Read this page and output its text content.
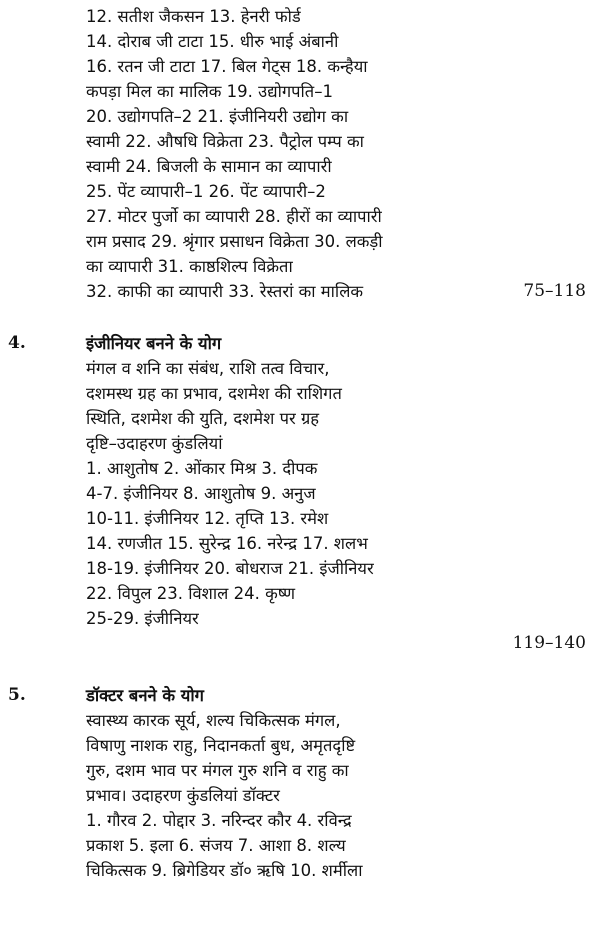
12. सतीश जैकसन 13. हेनरी फोर्ड
14. दोराब जी टाटा 15. धीरु भाई अंबानी
16. रतन जी टाटा 17. बिल गेट्स 18. कन्हैया
कपड़ा मिल का मालिक 19. उद्योगपति–1
20. उद्योगपति–2 21. इंजीनियरी उद्योग का
स्वामी 22. औषधि विक्रेता 23. पैट्रोल पम्प का
स्वामी 24. बिजली के सामान का व्यापारी
25. पेंट व्यापारी–1 26. पेंट व्यापारी–2
27. मोटर पुर्जो का व्यापारी 28. हीरों का व्यापारी
राम प्रसाद 29. श्रृंगार प्रसाधन विक्रेता 30. लकड़ी
का व्यापारी 31. काष्ठशिल्प विक्रेता
32. काफी का व्यापारी 33. रेस्तरां का मालिक	75–118
4.	इंजीनियर बनने के योग
मंगल व शनि का संबंध, राशि तत्व विचार,
दशमस्थ ग्रह का प्रभाव, दशमेश की राशिगत
स्थिति, दशमेश की युति, दशमेश पर ग्रह
दृष्टि–उदाहरण कुंडलियां
1. आशुतोष 2. ओंकार मिश्र 3. दीपक
4-7. इंजीनियर 8. आशुतोष 9. अनुज
10-11. इंजीनियर 12. तृप्ति 13. रमेश
14. रणजीत 15. सुरेन्द्र 16. नरेन्द्र 17. शलभ
18-19. इंजीनियर 20. बोधराज 21. इंजीनियर
22. विपुल 23. विशाल 24. कृष्ण
25-29. इंजीनियर
119–140
5.	डॉक्टर बनने के योग
स्वास्थ्य कारक सूर्य, शल्य चिकित्सक मंगल,
विषाणु नाशक राहु, निदानकर्ता बुध, अमृतदृष्टि
गुरु, दशम भाव पर मंगल गुरु शनि व राहु का
प्रभाव। उदाहरण कुंडलियां डॉक्टर
1. गौरव 2. पोद्दार 3. नरिन्दर कौर 4. रविन्द्र
प्रकाश 5. इला 6. संजय 7. आशा 8. शल्य
चिकित्सक 9. ब्रिगेडियर डॉ० ऋषि 10. शर्मीला
